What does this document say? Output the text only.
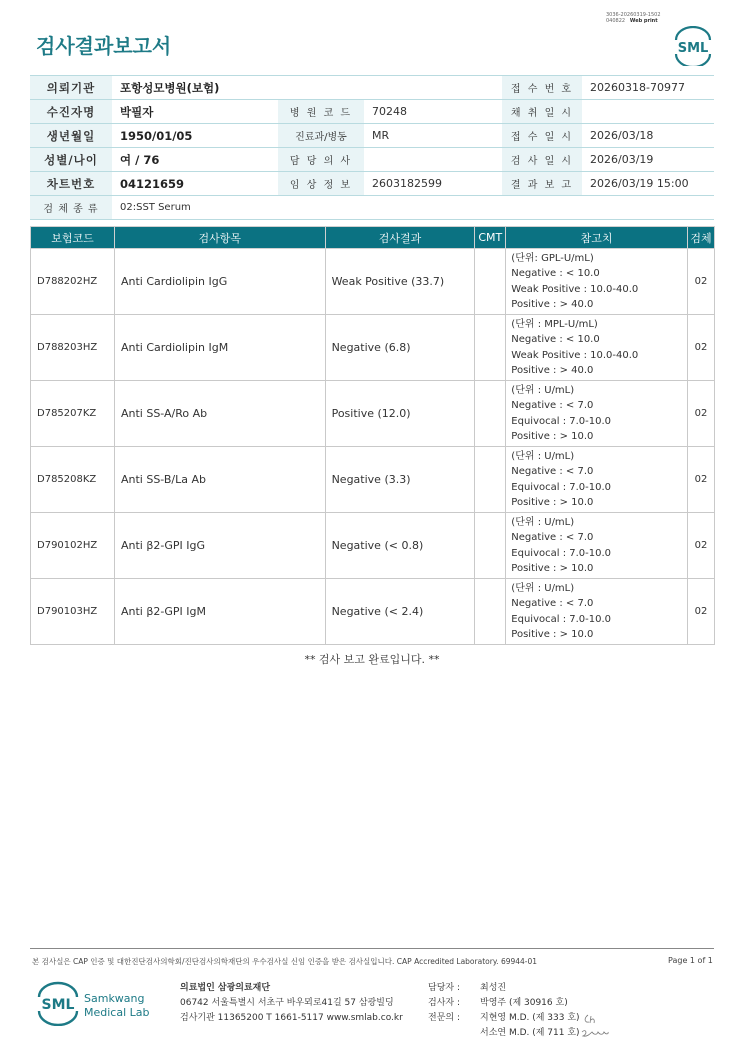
검사결과보고서
3036-20260319-1502
040822 Web print
SML
의뢰기관	포항성모병원(보험)			접 수 번 호	20260318-70977
수진자명	박필자	병 원 코 드	70248	채 취 일 시	
생년월일	1950/01/05	진료과/병동	MR	접 수 일 시	2026/03/18
성별/나이	여 / 76	담 당 의 사		검 사 일 시	2026/03/19
차트번호	04121659	임 상 정 보	2603182599	결 과 보 고	2026/03/19 15:00
검 체 종 류	02:SST Serum				
보험코드	검사항목	검사결과	CMT	참고치	검체
D788202HZ	Anti Cardiolipin IgG	Weak Positive (33.7)		(단위: GPL-U/mL)
Negative : < 10.0
Weak Positive : 10.0-40.0
Positive : > 40.0	02
D788203HZ	Anti Cardiolipin IgM	Negative (6.8)		(단위 : MPL-U/mL)
Negative : < 10.0
Weak Positive : 10.0-40.0
Positive : > 40.0	02
D785207KZ	Anti SS-A/Ro Ab	Positive (12.0)		(단위 : U/mL)
Negative : < 7.0
Equivocal : 7.0-10.0
Positive : > 10.0	02
D785208KZ	Anti SS-B/La Ab	Negative (3.3)		(단위 : U/mL)
Negative : < 7.0
Equivocal : 7.0-10.0
Positive : > 10.0	02
D790102HZ	Anti β2-GPI IgG	Negative (< 0.8)		(단위 : U/mL)
Negative : < 7.0
Equivocal : 7.0-10.0
Positive : > 10.0	02
D790103HZ	Anti β2-GPI IgM	Negative (< 2.4)		(단위 : U/mL)
Negative : < 7.0
Equivocal : 7.0-10.0
Positive : > 10.0	02
** 검사 보고 완료입니다. **
본 검사실은 CAP 인증 및 대한진단검사의학회/진단검사의학재단의 우수검사실 신임 인증을 받은 검사실입니다. CAP Accredited Laboratory. 69944-01	Page 1 of 1
SML Samkwang
Medical Lab
의료법인 삼광의료재단
06742 서울특별시 서초구 바우뫼로41길 57 삼광빌딩
검사기관 11365200 T 1661-5117 www.smlab.co.kr
담당자 : 최성진
검사자 : 박영주 (제 30916 호)
전문의 : 지현영 M.D. (제 333 호)
서소연 M.D. (제 711 호)
